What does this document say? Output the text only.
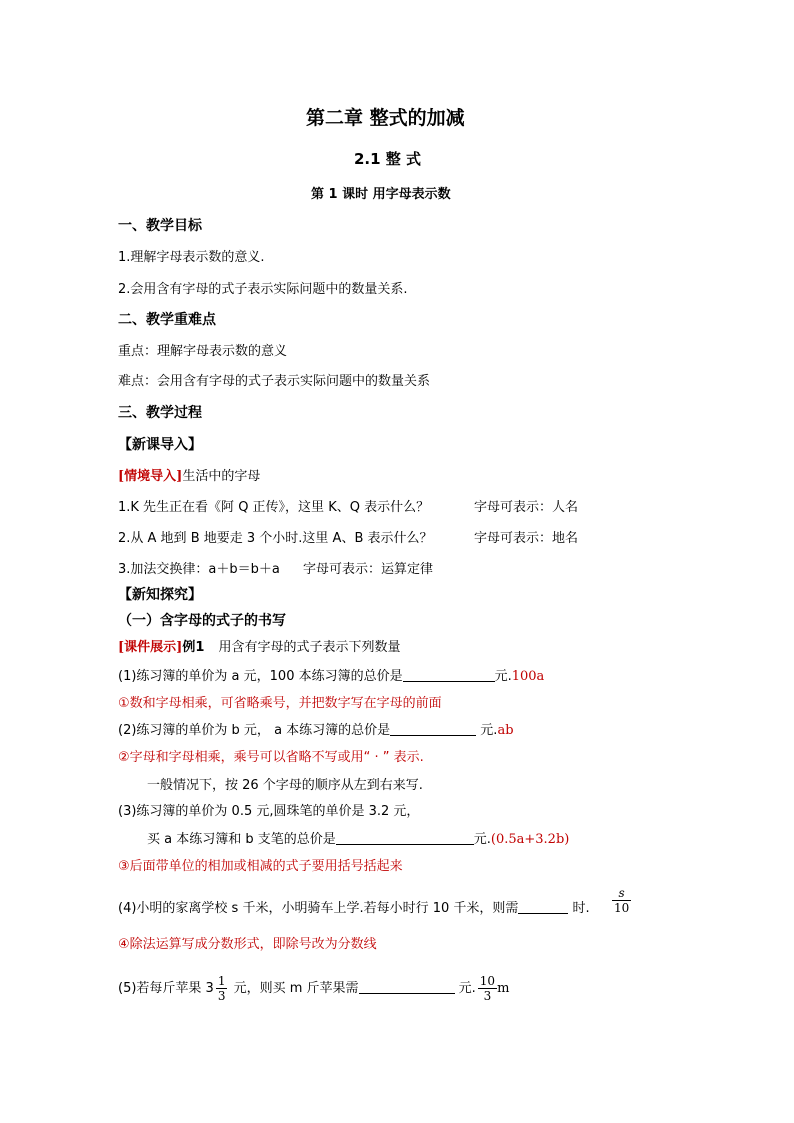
第二章 整式的加减
2.1 整 式
第 1 课时 用字母表示数
一、教学目标
1.理解字母表示数的意义.
2.会用含有字母的式子表示实际问题中的数量关系.
二、教学重难点
重点：理解字母表示数的意义
难点：会用含有字母的式子表示实际问题中的数量关系
三、教学过程
【新课导入】
[情境导入]生活中的字母
1.K 先生正在看《阿 Q 正传》，这里 K、Q 表示什么？	字母可表示：人名
2.从 A 地到 B 地要走 3 个小时.这里 A、B 表示什么？	字母可表示：地名
3.加法交换律：a＋b＝b＋a 字母可表示：运算定律
【新知探究】
（一）含字母的式子的书写
[课件展示]例1 用含有字母的式子表示下列数量
(1)练习簿的单价为 a 元，100 本练习簿的总价是	元.100a
①数和字母相乘，可省略乘号，并把数字写在字母的前面
(2)练习簿的单价为 b 元， a 本练习簿的总价是	元.ab
②字母和字母相乘，乘号可以省略不写或用“ · ” 表示.
一般情况下，按 26 个字母的顺序从左到右来写.
(3)练习簿的单价为 0.5 元,圆珠笔的单价是 3.2 元，
买 a 本练习簿和 b 支笔的总价是	元.(0.5a+3.2b)
③后面带单位的相加或相减的式子要用括号括起来
(4)小明的家离学校 s 千米，小明骑车上学.若每小时行 10 千米，则需	时. $\frac{s}{10}$
④除法运算写成分数形式，即除号改为分数线
(5)若每斤苹果 $3 \frac{1}{3}$ 元，则买 m 斤苹果需	元. $\frac{10}{3}$ m
